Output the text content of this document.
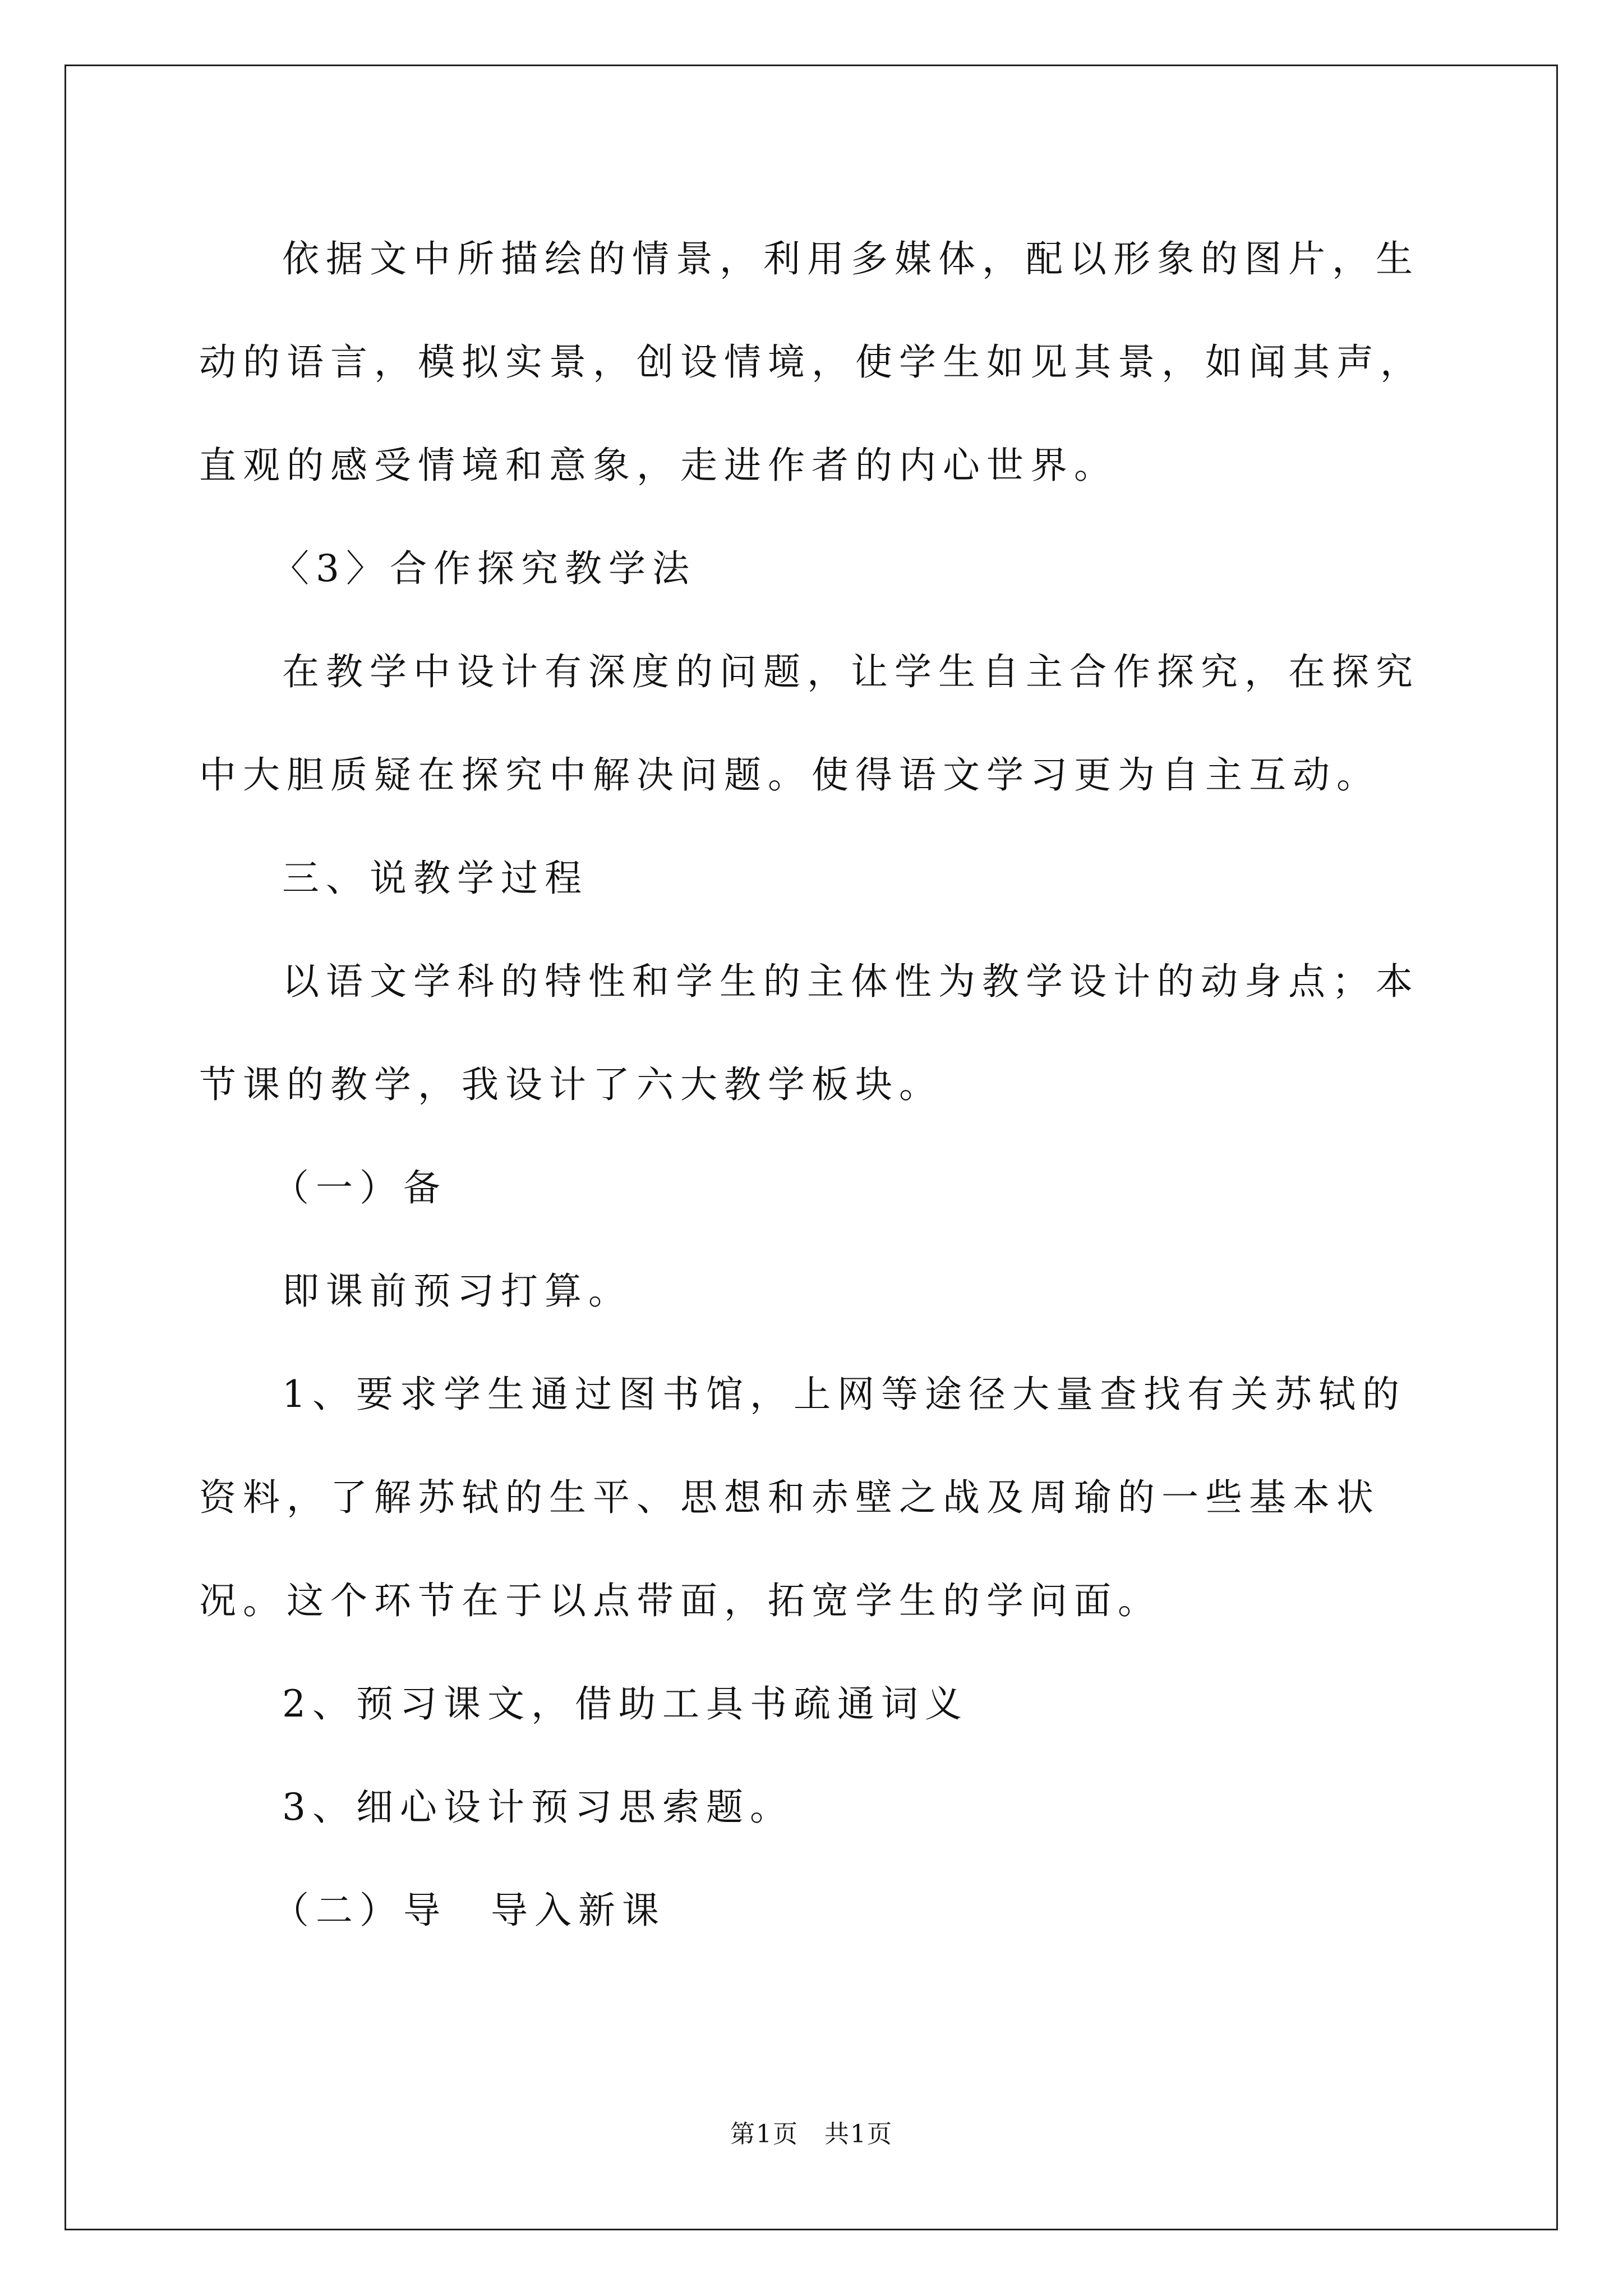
依据文中所描绘的情景，利用多媒体，配以形象的图片，生动的语言，模拟实景，创设情境，使学生如见其景，如闻其声，直观的感受情境和意象，走进作者的内心世界。

〈3〉合作探究教学法

在教学中设计有深度的问题，让学生自主合作探究，在探究中大胆质疑在探究中解决问题。使得语文学习更为自主互动。

三、说教学过程

以语文学科的特性和学生的主体性为教学设计的动身点；本节课的教学，我设计了六大教学板块。

（一）备

即课前预习打算。

1、要求学生通过图书馆，上网等途径大量查找有关苏轼的资料，了解苏轼的生平、思想和赤壁之战及周瑜的一些基本状况。这个环节在于以点带面，拓宽学生的学问面。

2、预习课文，借助工具书疏通词义

3、细心设计预习思索题。

（二）导　导入新课

第1页　共1页
